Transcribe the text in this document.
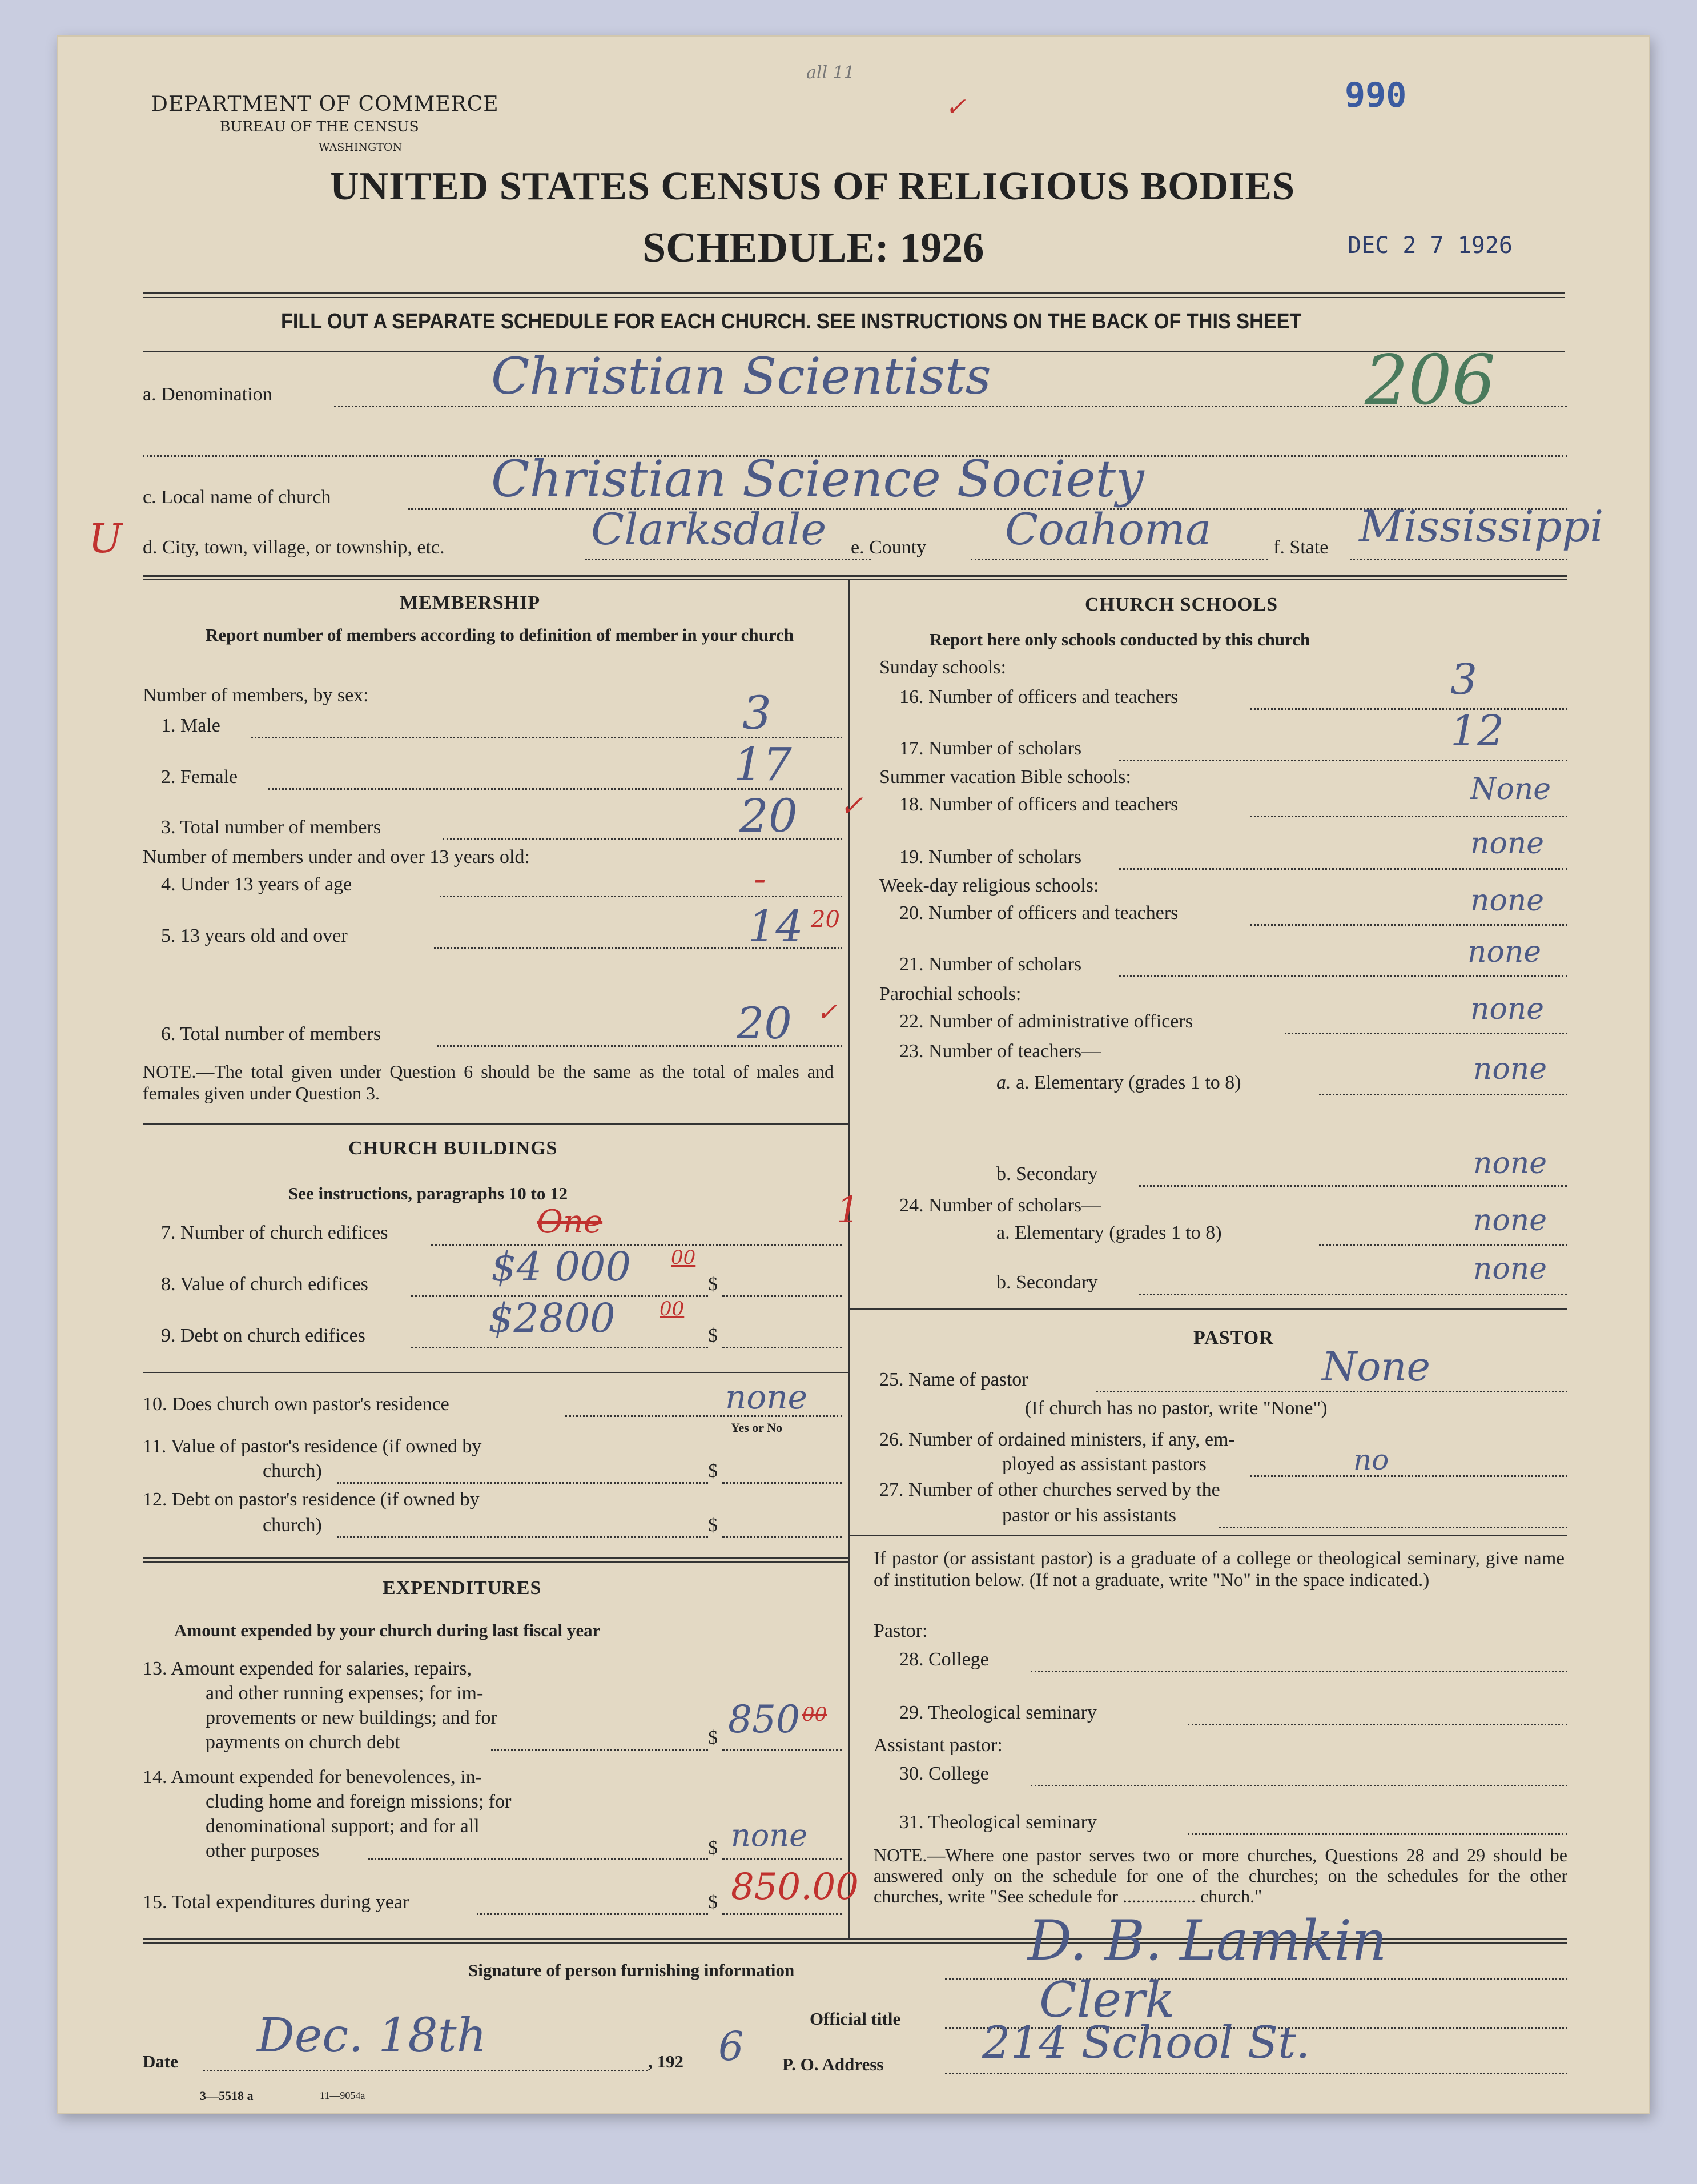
DEPARTMENT OF COMMERCE
BUREAU OF THE CENSUS
WASHINGTON
all 11
✓	990
UNITED STATES CENSUS OF RELIGIOUS BODIES
SCHEDULE: 1926	DEC 2 7 1926
FILL OUT A SEPARATE SCHEDULE FOR EACH CHURCH. SEE INSTRUCTIONS ON THE BACK OF THIS SHEET
a. Denomination	Christian Scientists	206
c. Local name of church	Christian Science Society
U d. City, town, village, or township, etc.	Clarksdale e. County Coahoma	f. State Mississippi
MEMBERSHIP
Report number of members according to definition of member in your church
Number of members, by sex:
1. Male	3
2. Female	17
3. Total number of members	20 ✓
Number of members under and over 13 years old:
4. Under 13 years of age	-
5. 13 years old and over	14 20
6. Total number of members	20 ✓
NOTE.—The total given under Question 6 should be the same as the total of males and females given under Question 3.
CHURCH BUILDINGS
See instructions, paragraphs 10 to 12
7. Number of church edifices	One	1
8. Value of church edifices	$4 000 00
$
9. Debt on church edifices	$2800 00
$
10. Does church own pastor's residence	none
Yes or No
11. Value of pastor's residence (if owned by
church)	$
12. Debt on pastor's residence (if owned by
church)	$
EXPENDITURES
Amount expended by your church during last fiscal year
13. Amount expended for salaries, repairs,
and other running expenses; for im-
provements or new buildings; and for
payments on church debt	$ 850 00
14. Amount expended for benevolences, in-
cluding home and foreign missions; for
denominational support; and for all
other purposes	$ none
15. Total expenditures during year	$ 850.00
CHURCH SCHOOLS
Report here only schools conducted by this church
Sunday schools:
16. Number of officers and teachers	3
17. Number of scholars	12
Summer vacation Bible schools:
18. Number of officers and teachers	None
19. Number of scholars	none
Week-day religious schools:
20. Number of officers and teachers	none
21. Number of scholars	none
Parochial schools:
22. Number of administrative officers	none
23. Number of teachers—
a. a. Elementary (grades 1 to 8)	none
b. Secondary	none
24. Number of scholars—
a. Elementary (grades 1 to 8)	none
b. Secondary	none
PASTOR
25. Name of pastor	None
(If church has no pastor, write "None")
26. Number of ordained ministers, if any, em-
ployed as assistant pastors	no
27. Number of other churches served by the
pastor or his assistants
If pastor (or assistant pastor) is a graduate of a college or theological seminary, give name of institution below. (If not a graduate, write "No" in the space indicated.)
Pastor:
28. College
29. Theological seminary
Assistant pastor:
30. College
31. Theological seminary
NOTE.—Where one pastor serves two or more churches, Questions 28 and 29 should be answered only on the schedule for one of the churches; on the schedules for the other churches, write "See schedule for ................ church."
Signature of person furnishing information	D. B. Lamkin
Official title	Clerk
P. O. Address 214 School St.
Date Dec. 18th	, 192 6
3—5518 a	11—9054a
